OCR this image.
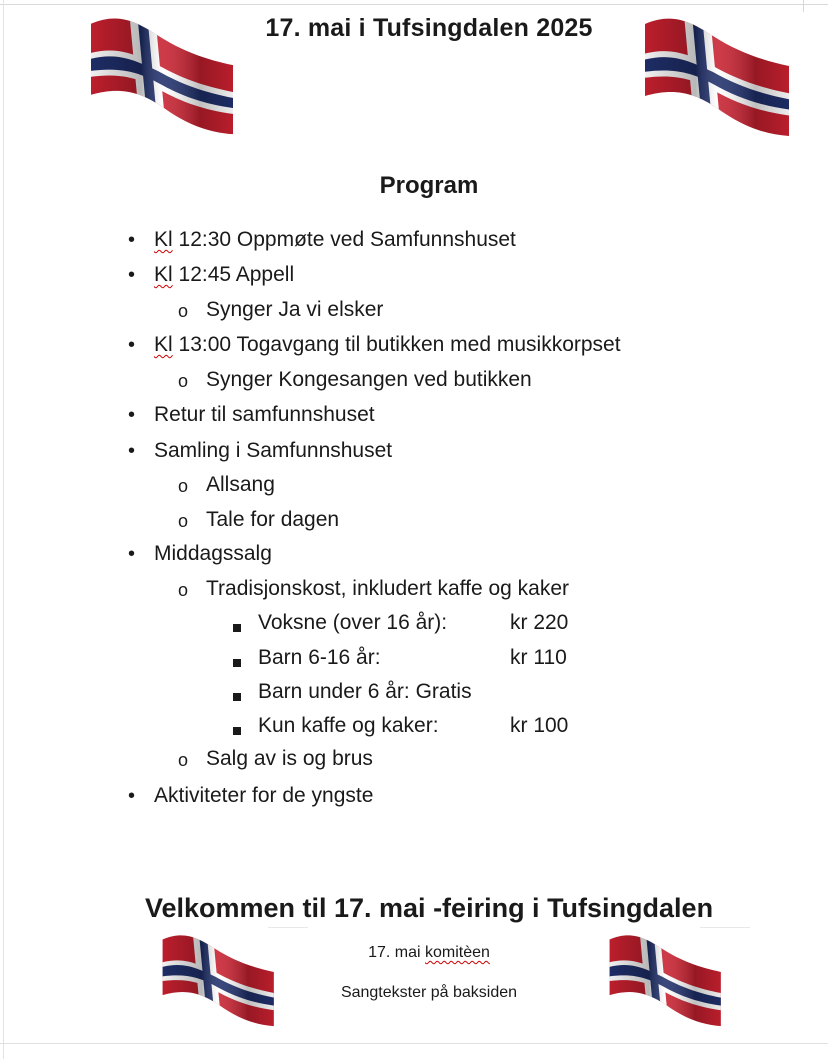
17. mai i Tufsingdalen 2025
Program
• Kl 12:30 Oppmøte ved Samfunnshuset
• Kl 12:45 Appell
o Synger Ja vi elsker
• Kl 13:00 Togavgang til butikken med musikkorpset
o Synger Kongesangen ved butikken
• Retur til samfunnshuset
• Samling i Samfunnshuset
o Allsang
o Tale for dagen
• Middagssalg
o Tradisjonskost, inkludert kaffe og kaker
Voksne (over 16 år):	kr 220
Barn 6-16 år:	kr 110
Barn under 6 år: Gratis
Kun kaffe og kaker:	kr 100
o Salg av is og brus
• Aktiviteter for de yngste
Velkommen til 17. mai -feiring i Tufsingdalen
17. mai komitèen
Sangtekster på baksiden
